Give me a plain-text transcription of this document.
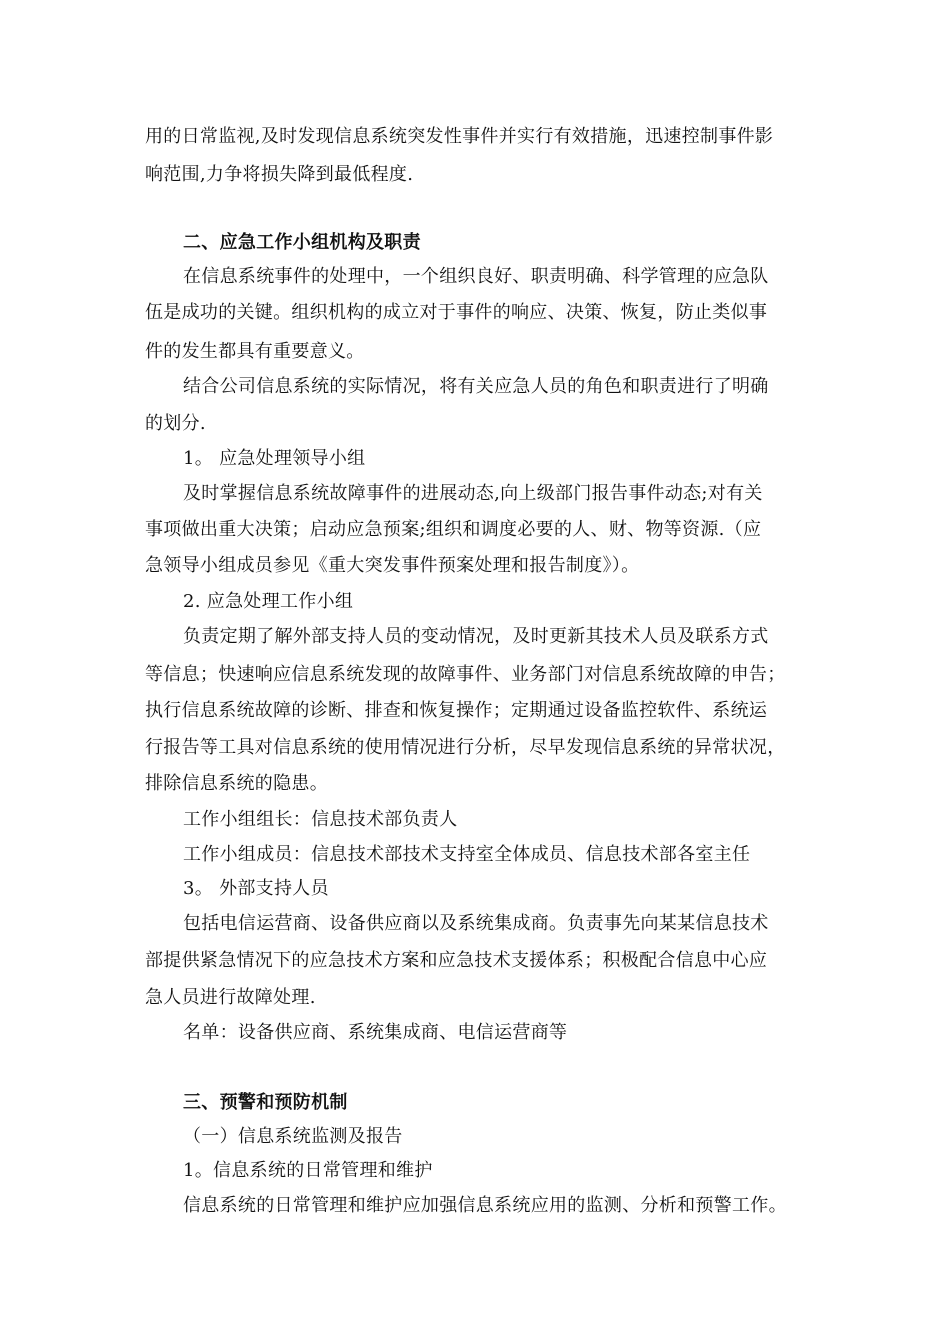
用的日常监视,及时发现信息系统突发性事件并实行有效措施，迅速控制事件影
响范围,力争将损失降到最低程度.
二、应急工作小组机构及职责
在信息系统事件的处理中，一个组织良好、职责明确、科学管理的应急队
伍是成功的关键。组织机构的成立对于事件的响应、决策、恢复，防止类似事
件的发生都具有重要意义。
结合公司信息系统的实际情况，将有关应急人员的角色和职责进行了明确
的划分.
1。 应急处理领导小组
及时掌握信息系统故障事件的进展动态,向上级部门报告事件动态;对有关
事项做出重大决策；启动应急预案;组织和调度必要的人、财、物等资源.（应
急领导小组成员参见《重大突发事件预案处理和报告制度》）。
2. 应急处理工作小组
负责定期了解外部支持人员的变动情况，及时更新其技术人员及联系方式
等信息；快速响应信息系统发现的故障事件、业务部门对信息系统故障的申告；
执行信息系统故障的诊断、排查和恢复操作；定期通过设备监控软件、系统运
行报告等工具对信息系统的使用情况进行分析，尽早发现信息系统的异常状况，
排除信息系统的隐患。
工作小组组长：信息技术部负责人
工作小组成员：信息技术部技术支持室全体成员、信息技术部各室主任
3。 外部支持人员
包括电信运营商、设备供应商以及系统集成商。负责事先向某某信息技术
部提供紧急情况下的应急技术方案和应急技术支援体系；积极配合信息中心应
急人员进行故障处理.
名单：设备供应商、系统集成商、电信运营商等
三、预警和预防机制
（一）信息系统监测及报告
1。信息系统的日常管理和维护
信息系统的日常管理和维护应加强信息系统应用的监测、分析和预警工作。
